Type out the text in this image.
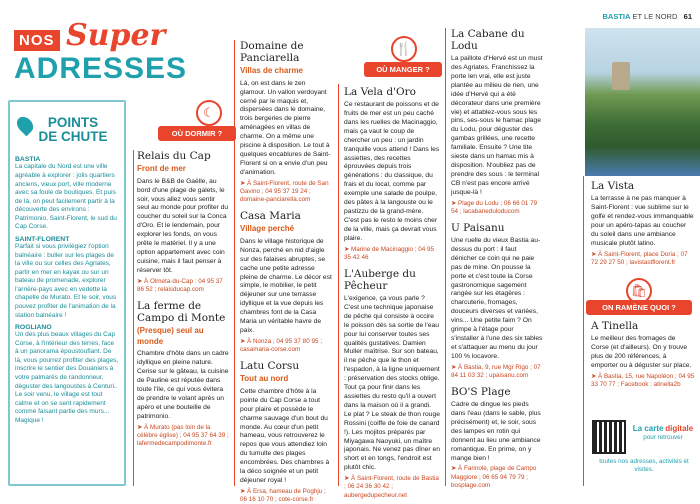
NOS Super
ADRESSES
BASTIA ET LE NORD 61
POINTS
DE CHUTE
BASTIA

La capitale du Nord est une ville agréable à explorer : jolis quartiers anciens, vieux port, ville moderne avec sa foule de boutiques. Et puis de là, on peut facilement partir à la découverte des environs : Patrimonio, Saint-Florent, le sud du Cap Corse.

SAINT-FLORENT

Parfait si vous privilégiez l'option balnéaire : buller sur les plages de la ville ou sur celles des Agriates, partir en mer en kayak ou sur un bateau de promenade, explorer l'arrière-pays avec en vedette la chapelle de Murato. Et le soir, vous pouvez profiter de l'animation de la station balnéaire !

ROGLIANO

Un des plus beaux villages du Cap Corse, à l'intérieur des terres, face à un panorama époustouflant. De là, vous pourrez profiter des plages, inscrire le sentier des Douaniers à votre palmarès de randonneur, déguster des langoustes à Centuri.. Le soir venu, le village est tout calme et on se sent rapidement comme faisant partie des murs... Magique !

☾
OÙ DORMIR ?
Relais du Cap
Front de mer

Dans le B&B de Gaëlle, au bord d'une plage de galets, le soir, vous allez vous sentir seul au monde pour profiter du coucher du soleil sur la Conca d'Oro. Et le lendemain, pour explorer les fonds, on vous prête le matériel. Il y a une option appartement avec coin cuisine, mais il faut penser à réserver tôt.

➤ À Olmeta-du-Cap : 04 95 37 86 52 ; relaisducap.com
La ferme de Campo di Monte
(Presque) seul au monde

Chambre d'hôte dans un cadre idyllique en pleine nature. Cerise sur le gâteau, la cuisine de Pauline est réputée dans toute l'île, ce qui vous évitera de prendre le volant après un apéro et une bouteille de patrimonio.

➤ À Murato (pas loin de la célèbre église) ; 04 95 37 64 39 ; lafermedecampodimonte.fr
Domaine de Panciarella
Villas de charme

Là, on est dans le zen glamour. Un vallon verdoyant cerné par le maquis et, dispersées dans le domaine, trois bergeries de pierre aménagées en villas de charme. On a même une piscine à disposition. Le tout à quelques encablures de Saint-Florent si on a envie d'un peu d'animation.

➤ À Saint-Florent, route de San Gavino ; 04 95 37 19 24 ; domaine-panciarella.com
Casa Maria
Village perché

Dans le village historique de Nonza, perché en nid d'aigle sur des falaises abruptes, se cache une petite adresse pleine de charme. Le décor est simple, le mobilier, le petit déjeuner sur une terrasse idyllique et la vue depuis les chambres font de la Casa Maria un véritable havre de paix.

➤ À Nonza ; 04 95 37 80 95 ; casamaria-corse.com
Latu Corsu
Tout au nord

Cette chambre d'hôte à la pointe du Cap Corse a tout pour plaire et possède le charme sauvage d'un bout du monde. Au cœur d'un petit hameau, vous retrouverez le repos que vous attendiez loin du tumulte des plages encombrées. Des chambres à la déco soignée et un petit déjeuner royal !

➤ À Ersa, hameau de Poghju ; 06 16 10 70 ; cote-corse.fr
🍴
OÙ MANGER ?
La Vela d'Oro

Ce restaurant de poissons et de fruits de mer est un peu caché dans les ruelles de Macinaggio, mais ça vaut le coup de chercher un peu : un jardin tranquille vous attend ! Dans les assiettes, des recettes éprouvées depuis trois générations : du classique, du frais et du local, comme par exemple une salade de poulpe, des pâtes à la langouste ou le pastizzu de la grand-mère. C'est pas le resto le moins cher de la ville, mais ça devrait vous plaire.

➤ Marine de Macinaggio ; 04 95 35 42 46
L'Auberge du Pêcheur

L'exigence, ça vous parle ? C'est une technique japonaise de pêche qui consiste à occire le poisson dès sa sortie de l'eau pour lui conserver toutes ses qualités gustatives. Damien Muller maîtrise. Sur son bateau, il ne pêche que le thon et l'espadon, à la ligne uniquement : préservation des stocks oblige. Tout ça pour finir dans les assiettes du resto qu'il a ouvert dans la maison où il a grandi. Le plat ? Le steak de thon rouge Rossini (coiffe de foie de canard !). Les mojitos préparés par Miyagawa Naoyuki, un maître japonais. Ne venez pas dîner en short et en tongs, l'endroit est plutôt chic.

➤ À Saint-Florent, route de Bastia ; 06 24 36 30 42 ; aubergedupecheur.net
La Cabane du Lodu

La paillote d'Hervé est un must des Agriates. Franchissez la porte len vrai, elle est juste plantée au milieu de rien, une idée d'Hervé qui a été décorateur dans une première vie) et attablez-vous sous les pins, ses-sous le hamac plage du Lodu, pour déguster des gambas grillées, une recette familiale. Ensuite ? Une tite sieste dans un hamac mis à disposition. N'oubliez pas de prendre des sous : le terminal CB n'est pas encore arrivé jusque-là !

➤ Plage du Lodu ; 06 66 01 79 54 ; lacabaneduloducom
U Paisanu

Une ruelle du vieux Bastia au-dessus du port : il faut dénicher ce coin qui ne paie pas de mine. On pousse la porte et c'est toute la Corse gastronomique sagement rangée sur les étagères : charcuterie, fromages, douceurs diverses et variées, vins... Une petite faim ? On grimpe à l'étage pour s'installer à l'une des six tables et s'attaquer au menu du jour 100 % locavore.

➤ À Bastia, 9, rue Mgr Rigo ; 07 84 11 03 32 ; upaisanu.com
BO'S Plage

Cadre de dingue les pieds dans l'eau (dans le sable, plus précisément) et, le soir, sous des lampes en rotin qui donnent au lieu une ambiance romantique. En prime, on y mange bien !

➤ À Farinole, plage de Campo Maggiore ; 06 65 94 79 79 ; bosplage.com
La Vista

La terrasse à ne pas manquer à Saint-Florent : vue sublime sur le golfe et rendez-vous immanquable pour un apéro-tapas au coucher du soleil dans une ambiance musicale plutôt latino.

➤ À Saint-Florent, place Doria ; 07 72 29 27 50 ; lavistastflorent.fr
🛍
ON RAMÈNE QUOI ?
A Tinella

Le meilleur des fromages de Corse (et d'ailleurs). On y trouve plus de 200 références, à emporter ou à déguster sur place.

➤ À Bastia, 15, rue Napoléon ; 04 95 33 70 77 ; Facebook : atinella2b
La carte digitale
pour retrouver
toutes nos adresses, activités et visites.
